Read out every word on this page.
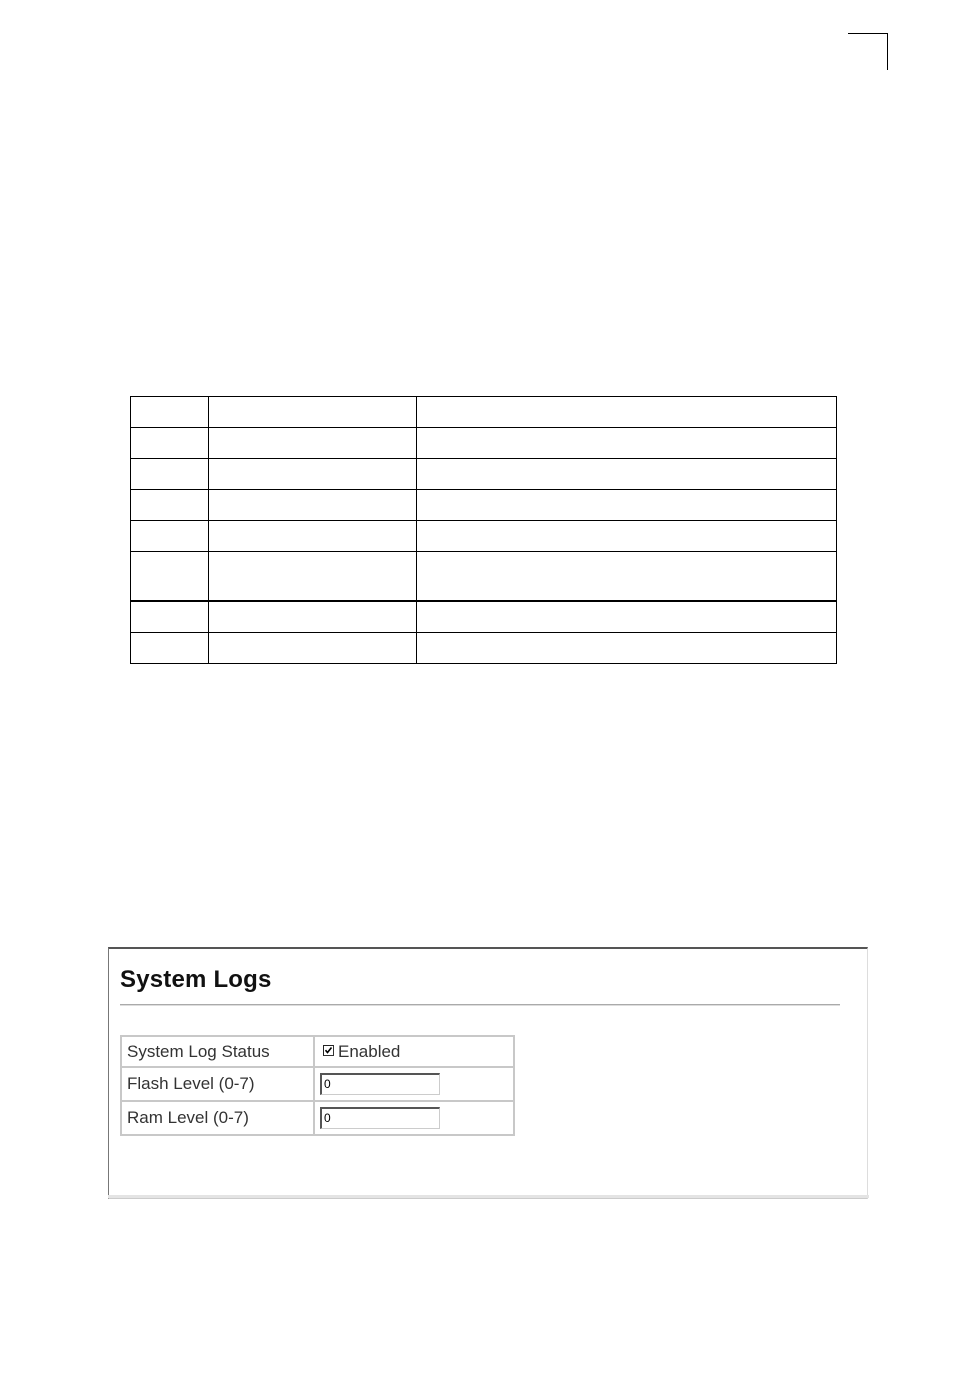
System Logs
System Log Status	Enabled
Flash Level (0-7)	0
Ram Level (0-7)	0
